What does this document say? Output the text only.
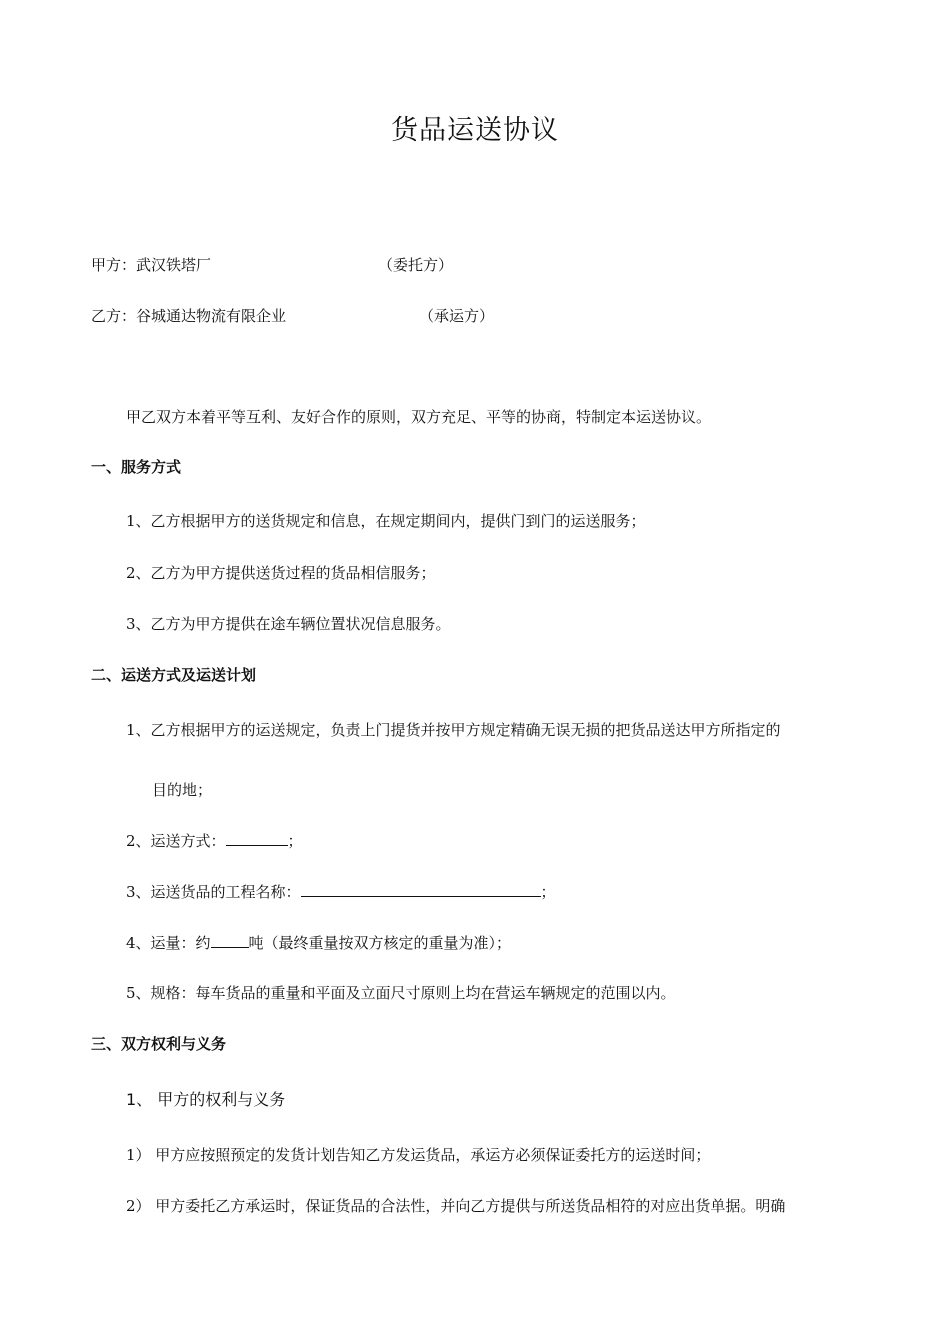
货品运送协议
甲方：武汉铁塔厂	（委托方）
乙方：谷城通达物流有限企业	（承运方）
甲乙双方本着平等互利、友好合作的原则，双方充足、平等的协商，特制定本运送协议。
一、服务方式
1、乙方根据甲方的送货规定和信息，在规定期间内，提供门到门的运送服务；
2、乙方为甲方提供送货过程的货品相信服务；
3、乙方为甲方提供在途车辆位置状况信息服务。
二、运送方式及运送计划
1、乙方根据甲方的运送规定，负责上门提货并按甲方规定精确无误无损的把货品送达甲方所指定的
目的地；
2、运送方式：	；
3、运送货品的工程名称：	；
4、运量：约	吨（最终重量按双方核定的重量为准）；
5、规格：每车货品的重量和平面及立面尺寸原则上均在营运车辆规定的范围以内。
三、双方权利与义务
1、 甲方的权利与义务
1） 甲方应按照预定的发货计划告知乙方发运货品，承运方必须保证委托方的运送时间；
2） 甲方委托乙方承运时，保证货品的合法性，并向乙方提供与所送货品相符的对应出货单据。明确
